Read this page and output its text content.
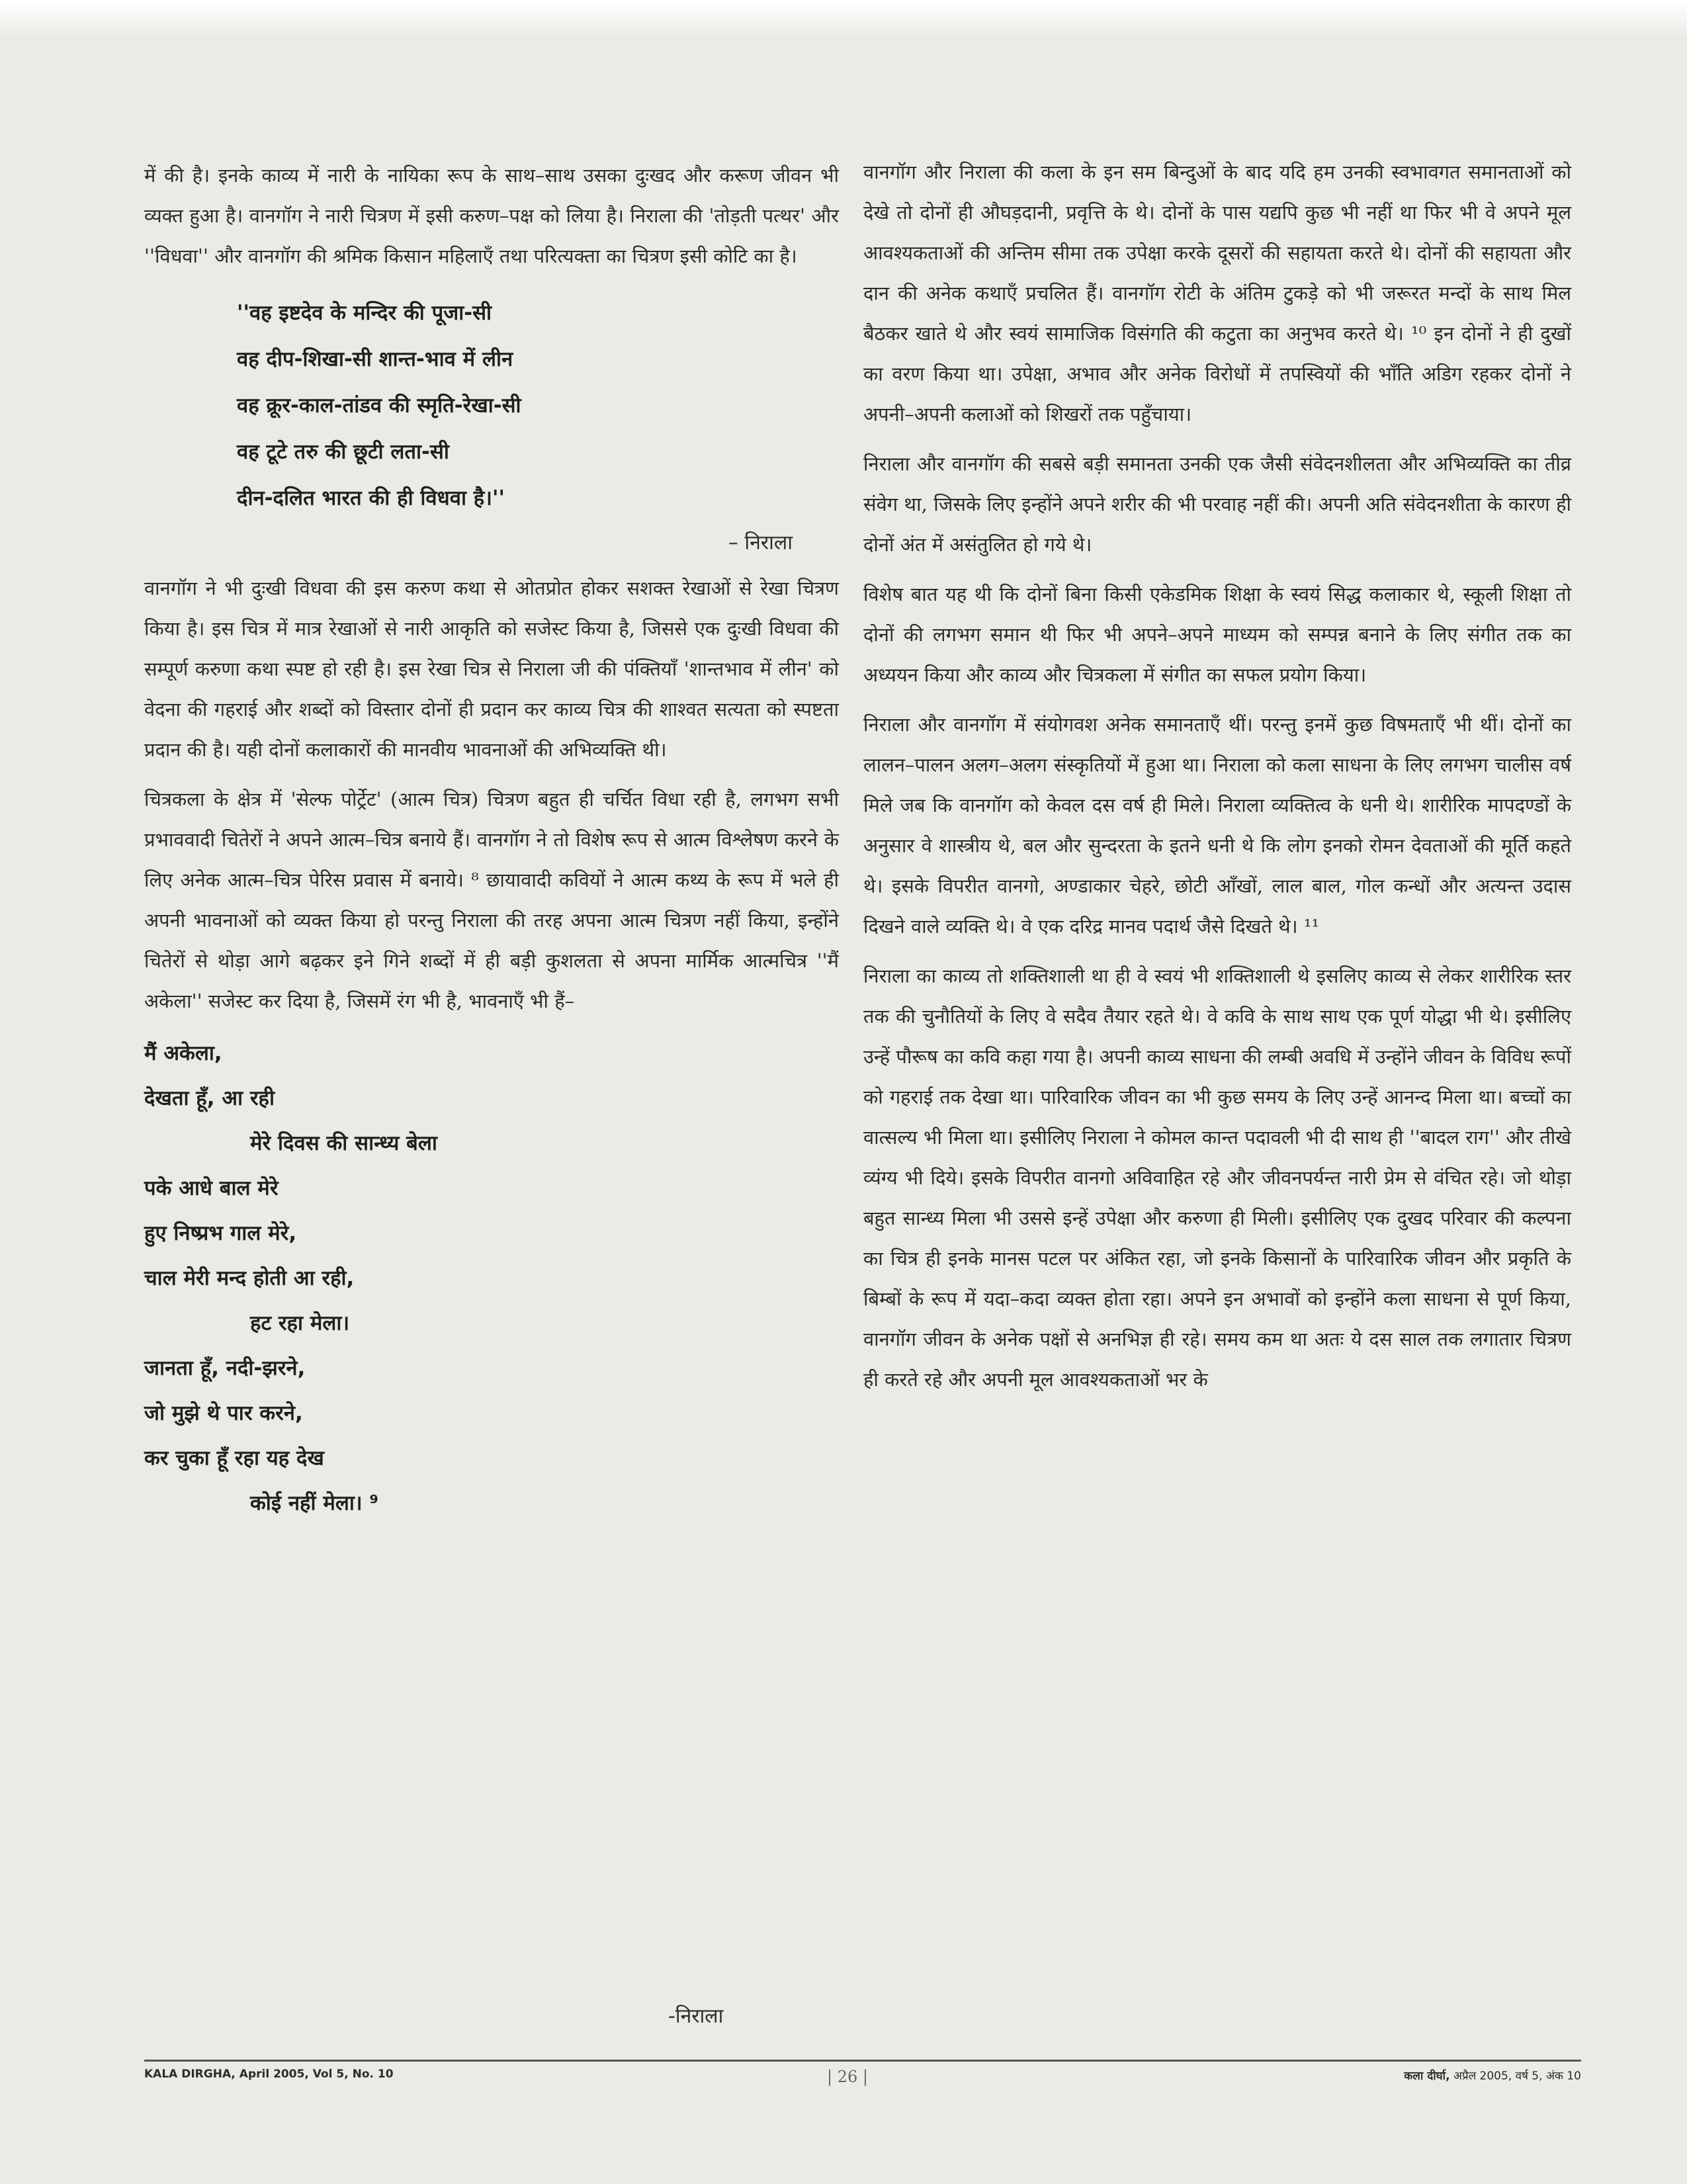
में की है। इनके काव्य में नारी के नायिका रूप के साथ–साथ उसका दुःखद और करूण जीवन भी व्यक्त हुआ है। वानगॉग ने नारी चित्रण में इसी करुण–पक्ष को लिया है। निराला की 'तोड़ती पत्थर' और ''विधवा'' और वानगॉग की श्रमिक किसान महिलाएँ तथा परित्यक्ता का चित्रण इसी कोटि का है।

''वह इष्टदेव के मन्दिर की पूजा-सी
वह दीप-शिखा-सी शान्त-भाव में लीन
वह क्रूर-काल-तांडव की स्मृति-रेखा-सी
वह टूटे तरु की छूटी लता-सी
दीन-दलित भारत की ही विधवा है।''
– निराला

वानगॉग ने भी दुःखी विधवा की इस करुण कथा से ओतप्रोत होकर सशक्त रेखाओं से रेखा चित्रण किया है। इस चित्र में मात्र रेखाओं से नारी आकृति को सजेस्ट किया है, जिससे एक दुःखी विधवा की सम्पूर्ण करुणा कथा स्पष्ट हो रही है। इस रेखा चित्र से निराला जी की पंक्तियाँ 'शान्तभाव में लीन' को वेदना की गहराई और शब्दों को विस्तार दोनों ही प्रदान कर काव्य चित्र की शाश्वत सत्यता को स्पष्टता प्रदान की है। यही दोनों कलाकारों की मानवीय भावनाओं की अभिव्यक्ति थी।

चित्रकला के क्षेत्र में 'सेल्फ पोर्ट्रेट' (आत्म चित्र) चित्रण बहुत ही चर्चित विधा रही है, लगभग सभी प्रभाववादी चितेरों ने अपने आत्म–चित्र बनाये हैं। वानगॉग ने तो विशेष रूप से आत्म विश्लेषण करने के लिए अनेक आत्म–चित्र पेरिस प्रवास में बनाये। ⁸ छायावादी कवियों ने आत्म कथ्य के रूप में भले ही अपनी भावनाओं को व्यक्त किया हो परन्तु निराला की तरह अपना आत्म चित्रण नहीं किया, इन्होंने चितेरों से थोड़ा आगे बढ़कर इने गिने शब्दों में ही बड़ी कुशलता से अपना मार्मिक आत्मचित्र ''मैं अकेला'' सजेस्ट कर दिया है, जिसमें रंग भी है, भावनाएँ भी हैं–

मैं अकेला,
देखता हूँ, आ रही
मेरे दिवस की सान्ध्य बेला
पके आधे बाल मेरे
हुए निष्प्रभ गाल मेरे,
चाल मेरी मन्द होती आ रही,
हट रहा मेला।
जानता हूँ, नदी-झरने,
जो मुझे थे पार करने,
कर चुका हूँ रहा यह देख
कोई नहीं मेला। ⁹
-निराला

वानगॉग और निराला की कला के इन सम बिन्दुओं के बाद यदि हम उनकी स्वभावगत समानताओं को देखे तो दोनों ही औघड़दानी, प्रवृत्ति के थे। दोनों के पास यद्यपि कुछ भी नहीं था फिर भी वे अपने मूल आवश्यकताओं की अन्तिम सीमा तक उपेक्षा करके दूसरों की सहायता करते थे। दोनों की सहायता और दान की अनेक कथाएँ प्रचलित हैं। वानगॉग रोटी के अंतिम टुकड़े को भी जरूरत मन्दों के साथ मिल बैठकर खाते थे और स्वयं सामाजिक विसंगति की कटुता का अनुभव करते थे। ¹⁰ इन दोनों ने ही दुखों का वरण किया था। उपेक्षा, अभाव और अनेक विरोधों में तपस्वियों की भाँति अडिग रहकर दोनों ने अपनी–अपनी कलाओं को शिखरों तक पहुँचाया।

निराला और वानगॉग की सबसे बड़ी समानता उनकी एक जैसी संवेदनशीलता और अभिव्यक्ति का तीव्र संवेग था, जिसके लिए इन्होंने अपने शरीर की भी परवाह नहीं की। अपनी अति संवेदनशीता के कारण ही दोनों अंत में असंतुलित हो गये थे।

विशेष बात यह थी कि दोनों बिना किसी एकेडमिक शिक्षा के स्वयं सिद्ध कलाकार थे, स्कूली शिक्षा तो दोनों की लगभग समान थी फिर भी अपने–अपने माध्यम को सम्पन्न बनाने के लिए संगीत तक का अध्ययन किया और काव्य और चित्रकला में संगीत का सफल प्रयोग किया।

निराला और वानगॉग में संयोगवश अनेक समानताएँ थीं। परन्तु इनमें कुछ विषमताएँ भी थीं। दोनों का लालन–पालन अलग–अलग संस्कृतियों में हुआ था। निराला को कला साधना के लिए लगभग चालीस वर्ष मिले जब कि वानगॉग को केवल दस वर्ष ही मिले। निराला व्यक्तित्व के धनी थे। शारीरिक मापदण्डों के अनुसार वे शास्त्रीय थे, बल और सुन्दरता के इतने धनी थे कि लोग इनको रोमन देवताओं की मूर्ति कहते थे। इसके विपरीत वानगो, अण्डाकार चेहरे, छोटी आँखों, लाल बाल, गोल कन्धों और अत्यन्त उदास दिखने वाले व्यक्ति थे। वे एक दरिद्र मानव पदार्थ जैसे दिखते थे। ¹¹

निराला का काव्य तो शक्तिशाली था ही वे स्वयं भी शक्तिशाली थे इसलिए काव्य से लेकर शारीरिक स्तर तक की चुनौतियों के लिए वे सदैव तैयार रहते थे। वे कवि के साथ साथ एक पूर्ण योद्धा भी थे। इसीलिए उन्हें पौरूष का कवि कहा गया है। अपनी काव्य साधना की लम्बी अवधि में उन्होंने जीवन के विविध रूपों को गहराई तक देखा था। पारिवारिक जीवन का भी कुछ समय के लिए उन्हें आनन्द मिला था। बच्चों का वात्सल्य भी मिला था। इसीलिए निराला ने कोमल कान्त पदावली भी दी साथ ही ''बादल राग'' और तीखे व्यंग्य भी दिये। इसके विपरीत वानगो अविवाहित रहे और जीवनपर्यन्त नारी प्रेम से वंचित रहे। जो थोड़ा बहुत सान्ध्य मिला भी उससे इन्हें उपेक्षा और करुणा ही मिली। इसीलिए एक दुखद परिवार की कल्पना का चित्र ही इनके मानस पटल पर अंकित रहा, जो इनके किसानों के पारिवारिक जीवन और प्रकृति के बिम्बों के रूप में यदा–कदा व्यक्त होता रहा। अपने इन अभावों को इन्होंने कला साधना से पूर्ण किया, वानगॉग जीवन के अनेक पक्षों से अनभिज्ञ ही रहे। समय कम था अतः ये दस साल तक लगातार चित्रण ही करते रहे और अपनी मूल आवश्यकताओं भर के

KALA DIRGHA, April 2005, Vol 5, No. 10	| 26 |	कला दीर्घा, अप्रैल 2005, वर्ष 5, अंक 10
